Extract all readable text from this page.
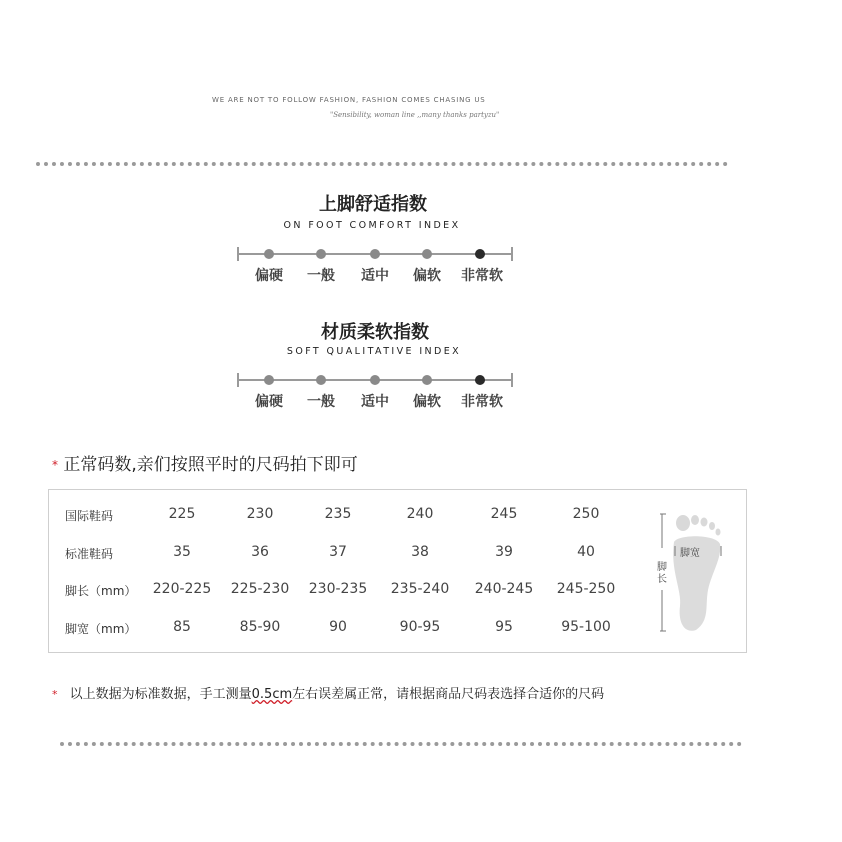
WE ARE NOT TO FOLLOW FASHION, FASHION COMES CHASING US
"Sensibility, woman line ,,many thanks partyzu"
上脚舒适指数
ON FOOT COMFORT INDEX
偏硬	一般	适中	偏软	非常软
材质柔软指数
SOFT QUALITATIVE INDEX
偏硬	一般	适中	偏软	非常软
* 正常码数,亲们按照平时的尺码拍下即可
国际鞋码	225	230	235	240	245	250
标准鞋码	35	36	37	38	39	40
脚长（mm）	220-225	225-230	230-235	235-240	240-245	245-250
脚宽（mm）	85	85-90	90	90-95	95	95-100
脚宽
脚长
* 以上数据为标准数据，手工测量0.5cm左右误差属正常，请根据商品尺码表选择合适你的尺码
